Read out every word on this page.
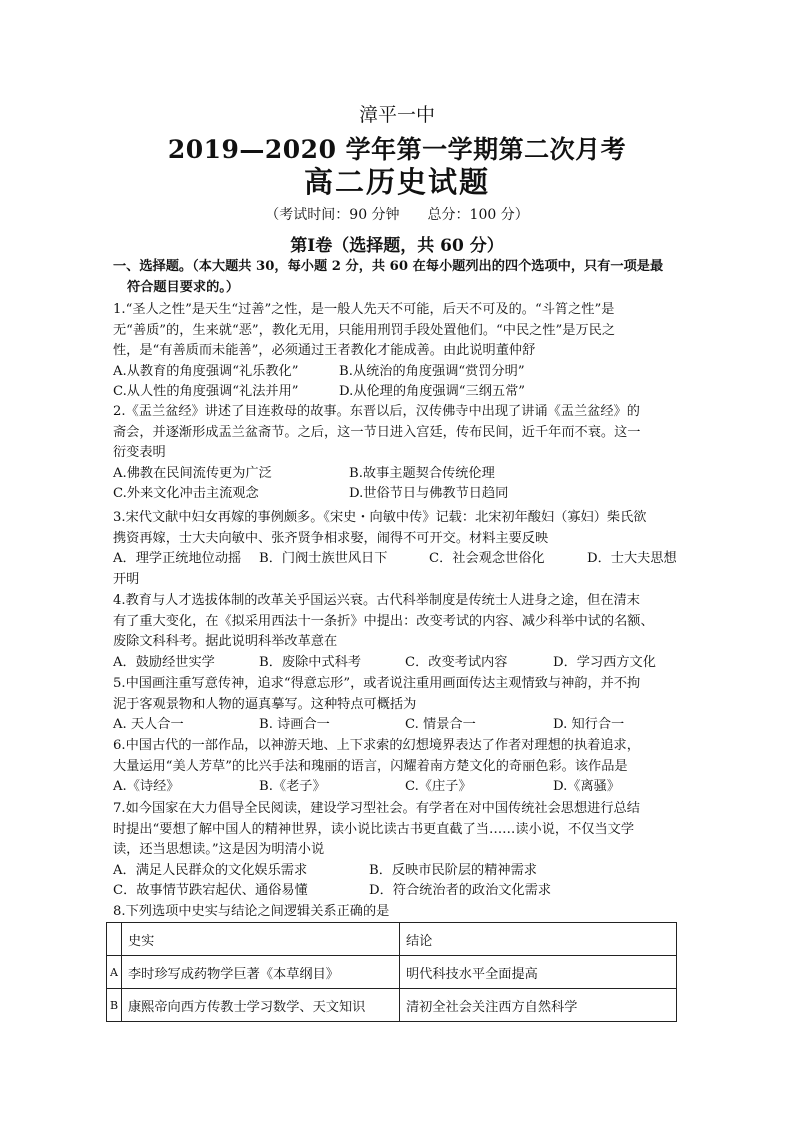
漳平一中
2019—2020 学年第一学期第二次月考
高二历史试题
（考试时间：90 分钟 总分：100 分）
第Ⅰ卷（选择题，共 60 分）
一、选择题。（本大题共 30，每小题 2 分，共 60 在每小题列出的四个选项中，只有一项是最
符合题目要求的。）
1.“圣人之性”是天生“过善”之性，是一般人先天不可能，后天不可及的。“斗筲之性”是
无“善质”的，生来就“恶”，教化无用，只能用刑罚手段处置他们。“中民之性”是万民之
性，是“有善质而未能善”，必须通过王者教化才能成善。由此说明董仲舒
A.从教育的角度强调“礼乐教化”	B.从统治的角度强调“赏罚分明”
C.从人性的角度强调“礼法并用”	D.从伦理的角度强调“三纲五常”
2.《盂兰盆经》讲述了目连救母的故事。东晋以后，汉传佛寺中出现了讲诵《盂兰盆经》的
斋会，并逐渐形成盂兰盆斋节。之后，这一节日进入宫廷，传布民间，近千年而不衰。这一
衍变表明
A.佛教在民间流传更为广泛	B.故事主题契合传统伦理
C.外来文化冲击主流观念	D.世俗节日与佛教节日趋同
3.宋代文献中妇女再嫁的事例颇多。《宋史・向敏中传》记载：北宋初年酸妇（寡妇）柴氏欲
携资再嫁，士大夫向敏中、张齐贤争相求娶，闹得不可开交。材料主要反映
A．理学正统地位动摇 B．门阀士族世风日下	C．社会观念世俗化	D．士大夫思想
开明
4.教育与人才选拔体制的改革关乎国运兴衰。古代科举制度是传统士人进身之途，但在清末
有了重大变化，在《拟采用西法十一条折》中提出：改变考试的内容、减少科举中试的名额、
废除文科科考。据此说明科举改革意在
A．鼓励经世实学	B．废除中式科考	C．改变考试内容	D．学习西方文化
5.中国画注重写意传神，追求“得意忘形”，或者说注重用画面传达主观情致与神韵，并不拘
泥于客观景物和人物的逼真摹写。这种特点可概括为
A. 天人合一	B. 诗画合一	C. 情景合一	D. 知行合一
6.中国古代的一部作品，以神游天地、上下求索的幻想境界表达了作者对理想的执着追求，
大量运用“美人芳草”的比兴手法和瑰丽的语言，闪耀着南方楚文化的奇丽色彩。该作品是
A.《诗经》	B.《老子》	C.《庄子》	D.《离骚》
7.如今国家在大力倡导全民阅读，建设学习型社会。有学者在对中国传统社会思想进行总结
时提出“要想了解中国人的精神世界，读小说比读古书更直截了当……读小说，不仅当文学
读，还当思想读。”这是因为明清小说
A．满足人民群众的文化娱乐需求	B．反映市民阶层的精神需求
C．故事情节跌宕起伏、通俗易懂	D．符合统治者的政治文化需求
8.下列选项中史实与结论之间逻辑关系正确的是
	史实	结论
A	李时珍写成药物学巨著《本草纲目》	明代科技水平全面提高
B	康熙帝向西方传教士学习数学、天文知识	清初全社会关注西方自然科学
